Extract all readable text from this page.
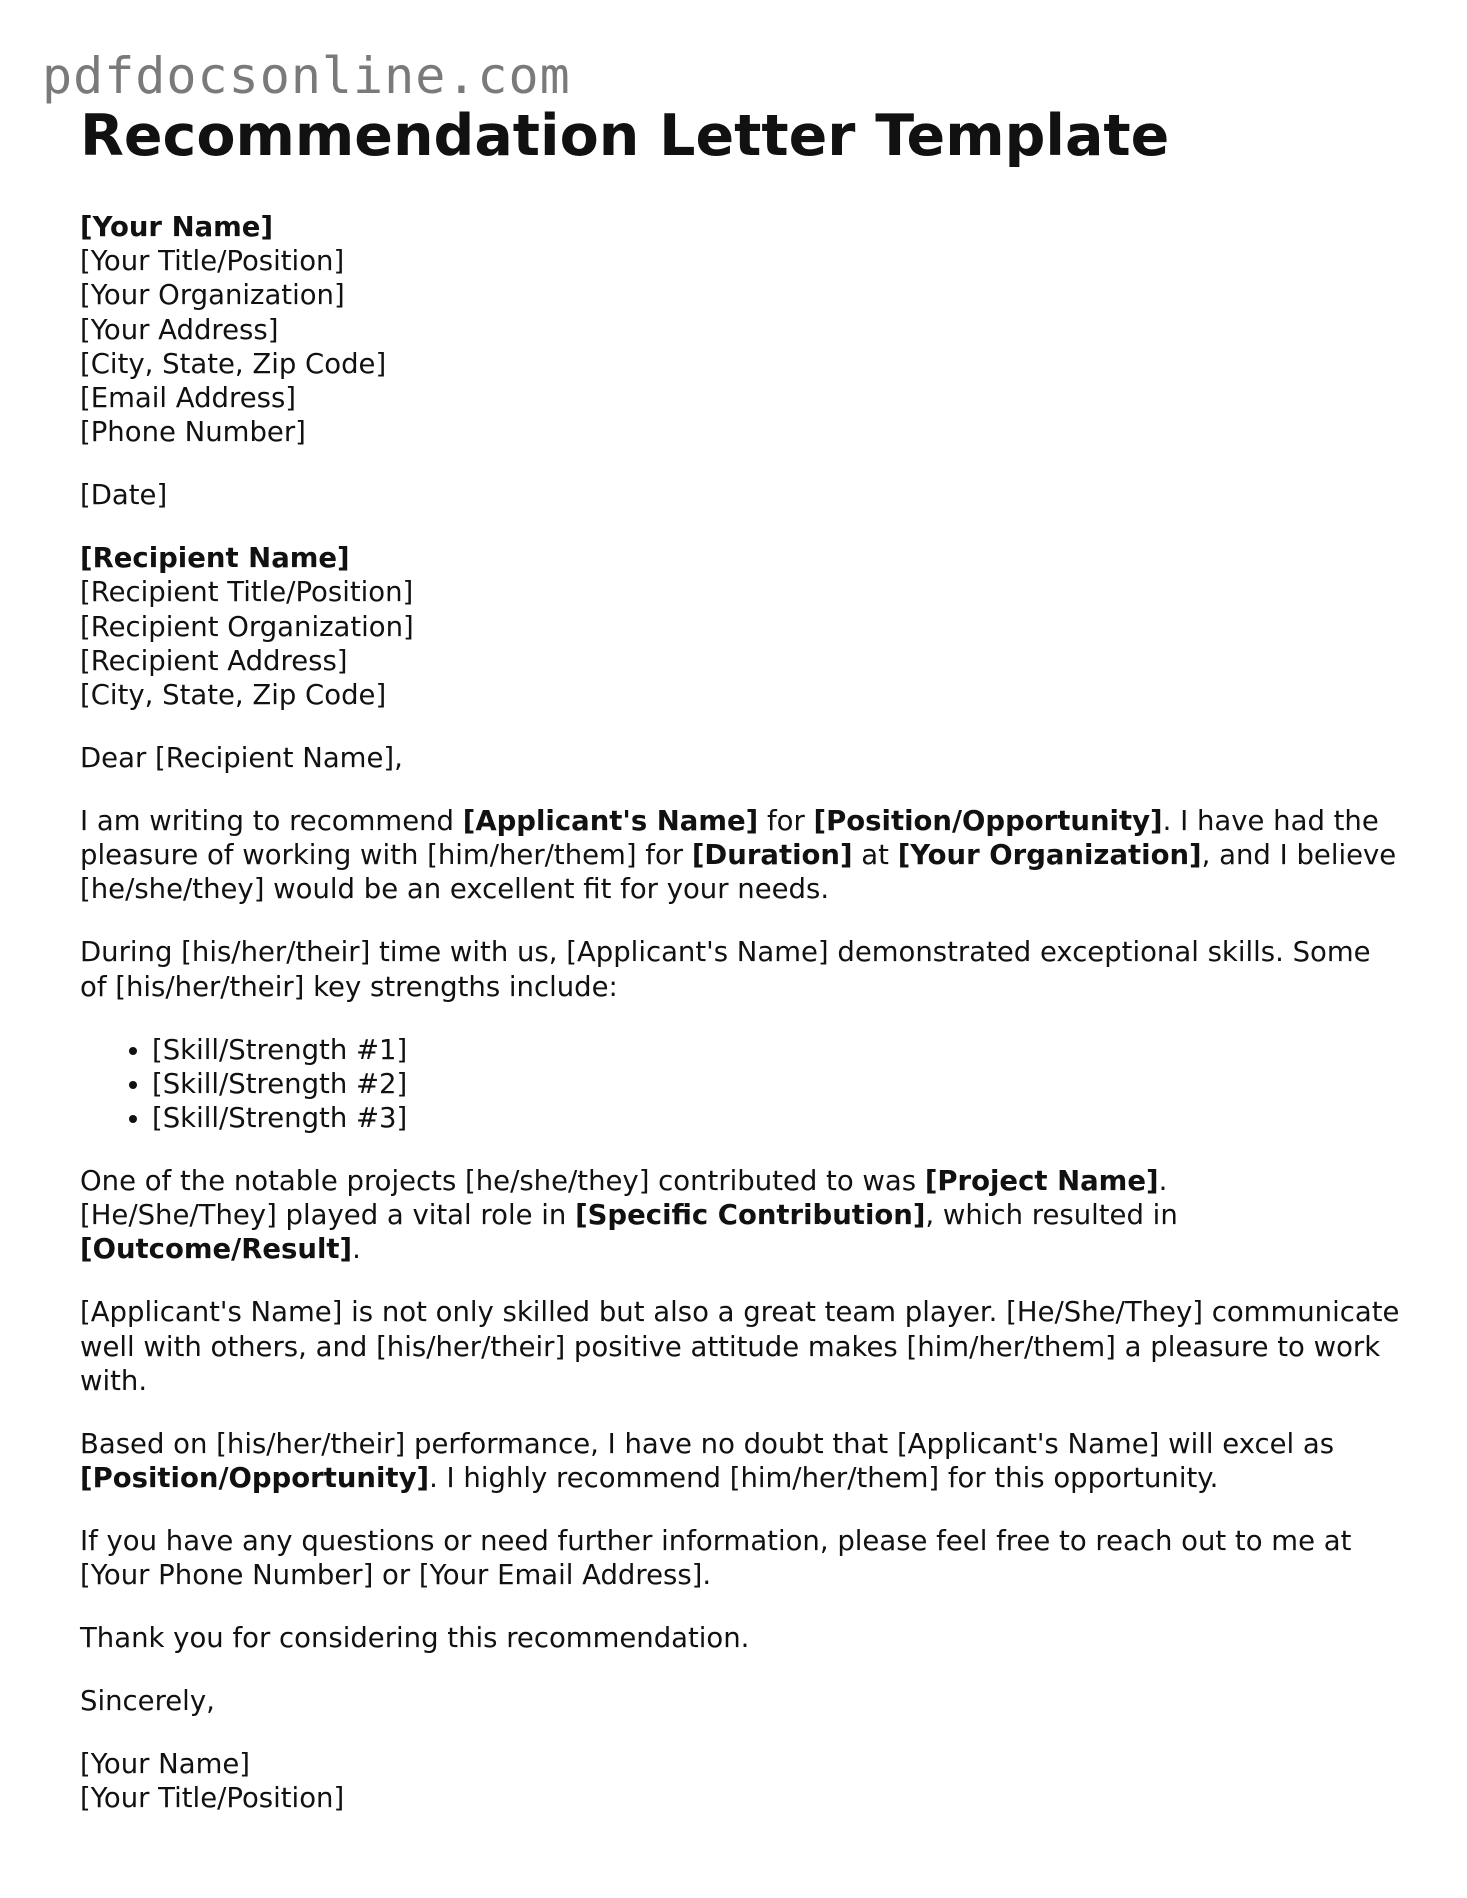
pdfdocsonline.com
Recommendation Letter Template

[Your Name]
[Your Title/Position]
[Your Organization]
[Your Address]
[City, State, Zip Code]
[Email Address]
[Phone Number]

[Date]

[Recipient Name]
[Recipient Title/Position]
[Recipient Organization]
[Recipient Address]
[City, State, Zip Code]

Dear [Recipient Name],

I am writing to recommend [Applicant's Name] for [Position/Opportunity]. I have had the pleasure of working with [him/her/them] for [Duration] at [Your Organization], and I believe [he/she/they] would be an excellent fit for your needs.

During [his/her/their] time with us, [Applicant's Name] demonstrated exceptional skills. Some of [his/her/their] key strengths include:

• [Skill/Strength #1]
• [Skill/Strength #2]
• [Skill/Strength #3]

One of the notable projects [he/she/they] contributed to was [Project Name].
[He/She/They] played a vital role in [Specific Contribution], which resulted in
[Outcome/Result].

[Applicant's Name] is not only skilled but also a great team player. [He/She/They] communicate well with others, and [his/her/their] positive attitude makes [him/her/them] a pleasure to work with.

Based on [his/her/their] performance, I have no doubt that [Applicant's Name] will excel as [Position/Opportunity]. I highly recommend [him/her/them] for this opportunity.

If you have any questions or need further information, please feel free to reach out to me at [Your Phone Number] or [Your Email Address].

Thank you for considering this recommendation.

Sincerely,

[Your Name]
[Your Title/Position]
